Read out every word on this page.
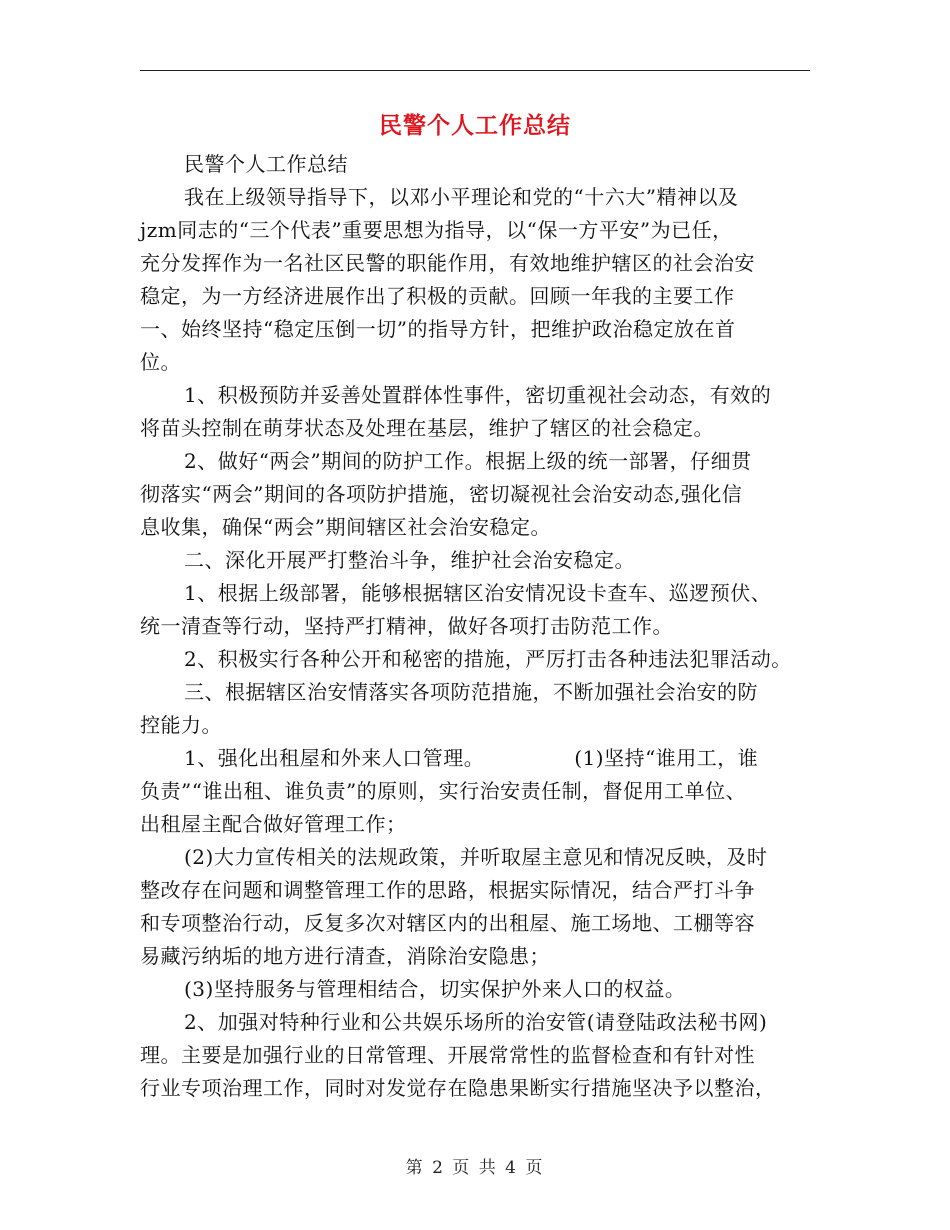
民警个人工作总结
民警个人工作总结
我在上级领导指导下，以邓小平理论和党的“十六大”精神以及
jzm同志的“三个代表”重要思想为指导，以“保一方平安”为已任，
充分发挥作为一名社区民警的职能作用，有效地维护辖区的社会治安
稳定，为一方经济进展作出了积极的贡献。回顾一年我的主要工作
一、始终坚持“稳定压倒一切”的指导方针，把维护政治稳定放在首
位。
1、积极预防并妥善处置群体性事件，密切重视社会动态，有效的
将苗头控制在萌芽状态及处理在基层，维护了辖区的社会稳定。
2、做好“两会”期间的防护工作。根据上级的统一部署，仔细贯
彻落实“两会”期间的各项防护措施，密切凝视社会治安动态,强化信
息收集，确保“两会”期间辖区社会治安稳定。
二、深化开展严打整治斗争，维护社会治安稳定。
1、根据上级部署，能够根据辖区治安情况设卡查车、巡逻预伏、
统一清查等行动，坚持严打精神，做好各项打击防范工作。
2、积极实行各种公开和秘密的措施，严厉打击各种违法犯罪活动。
三、根据辖区治安情落实各项防范措施，不断加强社会治安的防
控能力。
1、强化出租屋和外来人口管理。	(1)坚持“谁用工，谁
负责”“谁出租、谁负责”的原则，实行治安责任制，督促用工单位、
出租屋主配合做好管理工作；
(2)大力宣传相关的法规政策，并听取屋主意见和情况反映，及时
整改存在问题和调整管理工作的思路，根据实际情况，结合严打斗争
和专项整治行动，反复多次对辖区内的出租屋、施工场地、工棚等容
易藏污纳垢的地方进行清查，消除治安隐患；
(3)坚持服务与管理相结合，切实保护外来人口的权益。
2、加强对特种行业和公共娱乐场所的治安管(请登陆政法秘书网)
理。主要是加强行业的日常管理、开展常常性的监督检查和有针对性
行业专项治理工作，同时对发觉存在隐患果断实行措施坚决予以整治，
第 2 页 共 4 页
